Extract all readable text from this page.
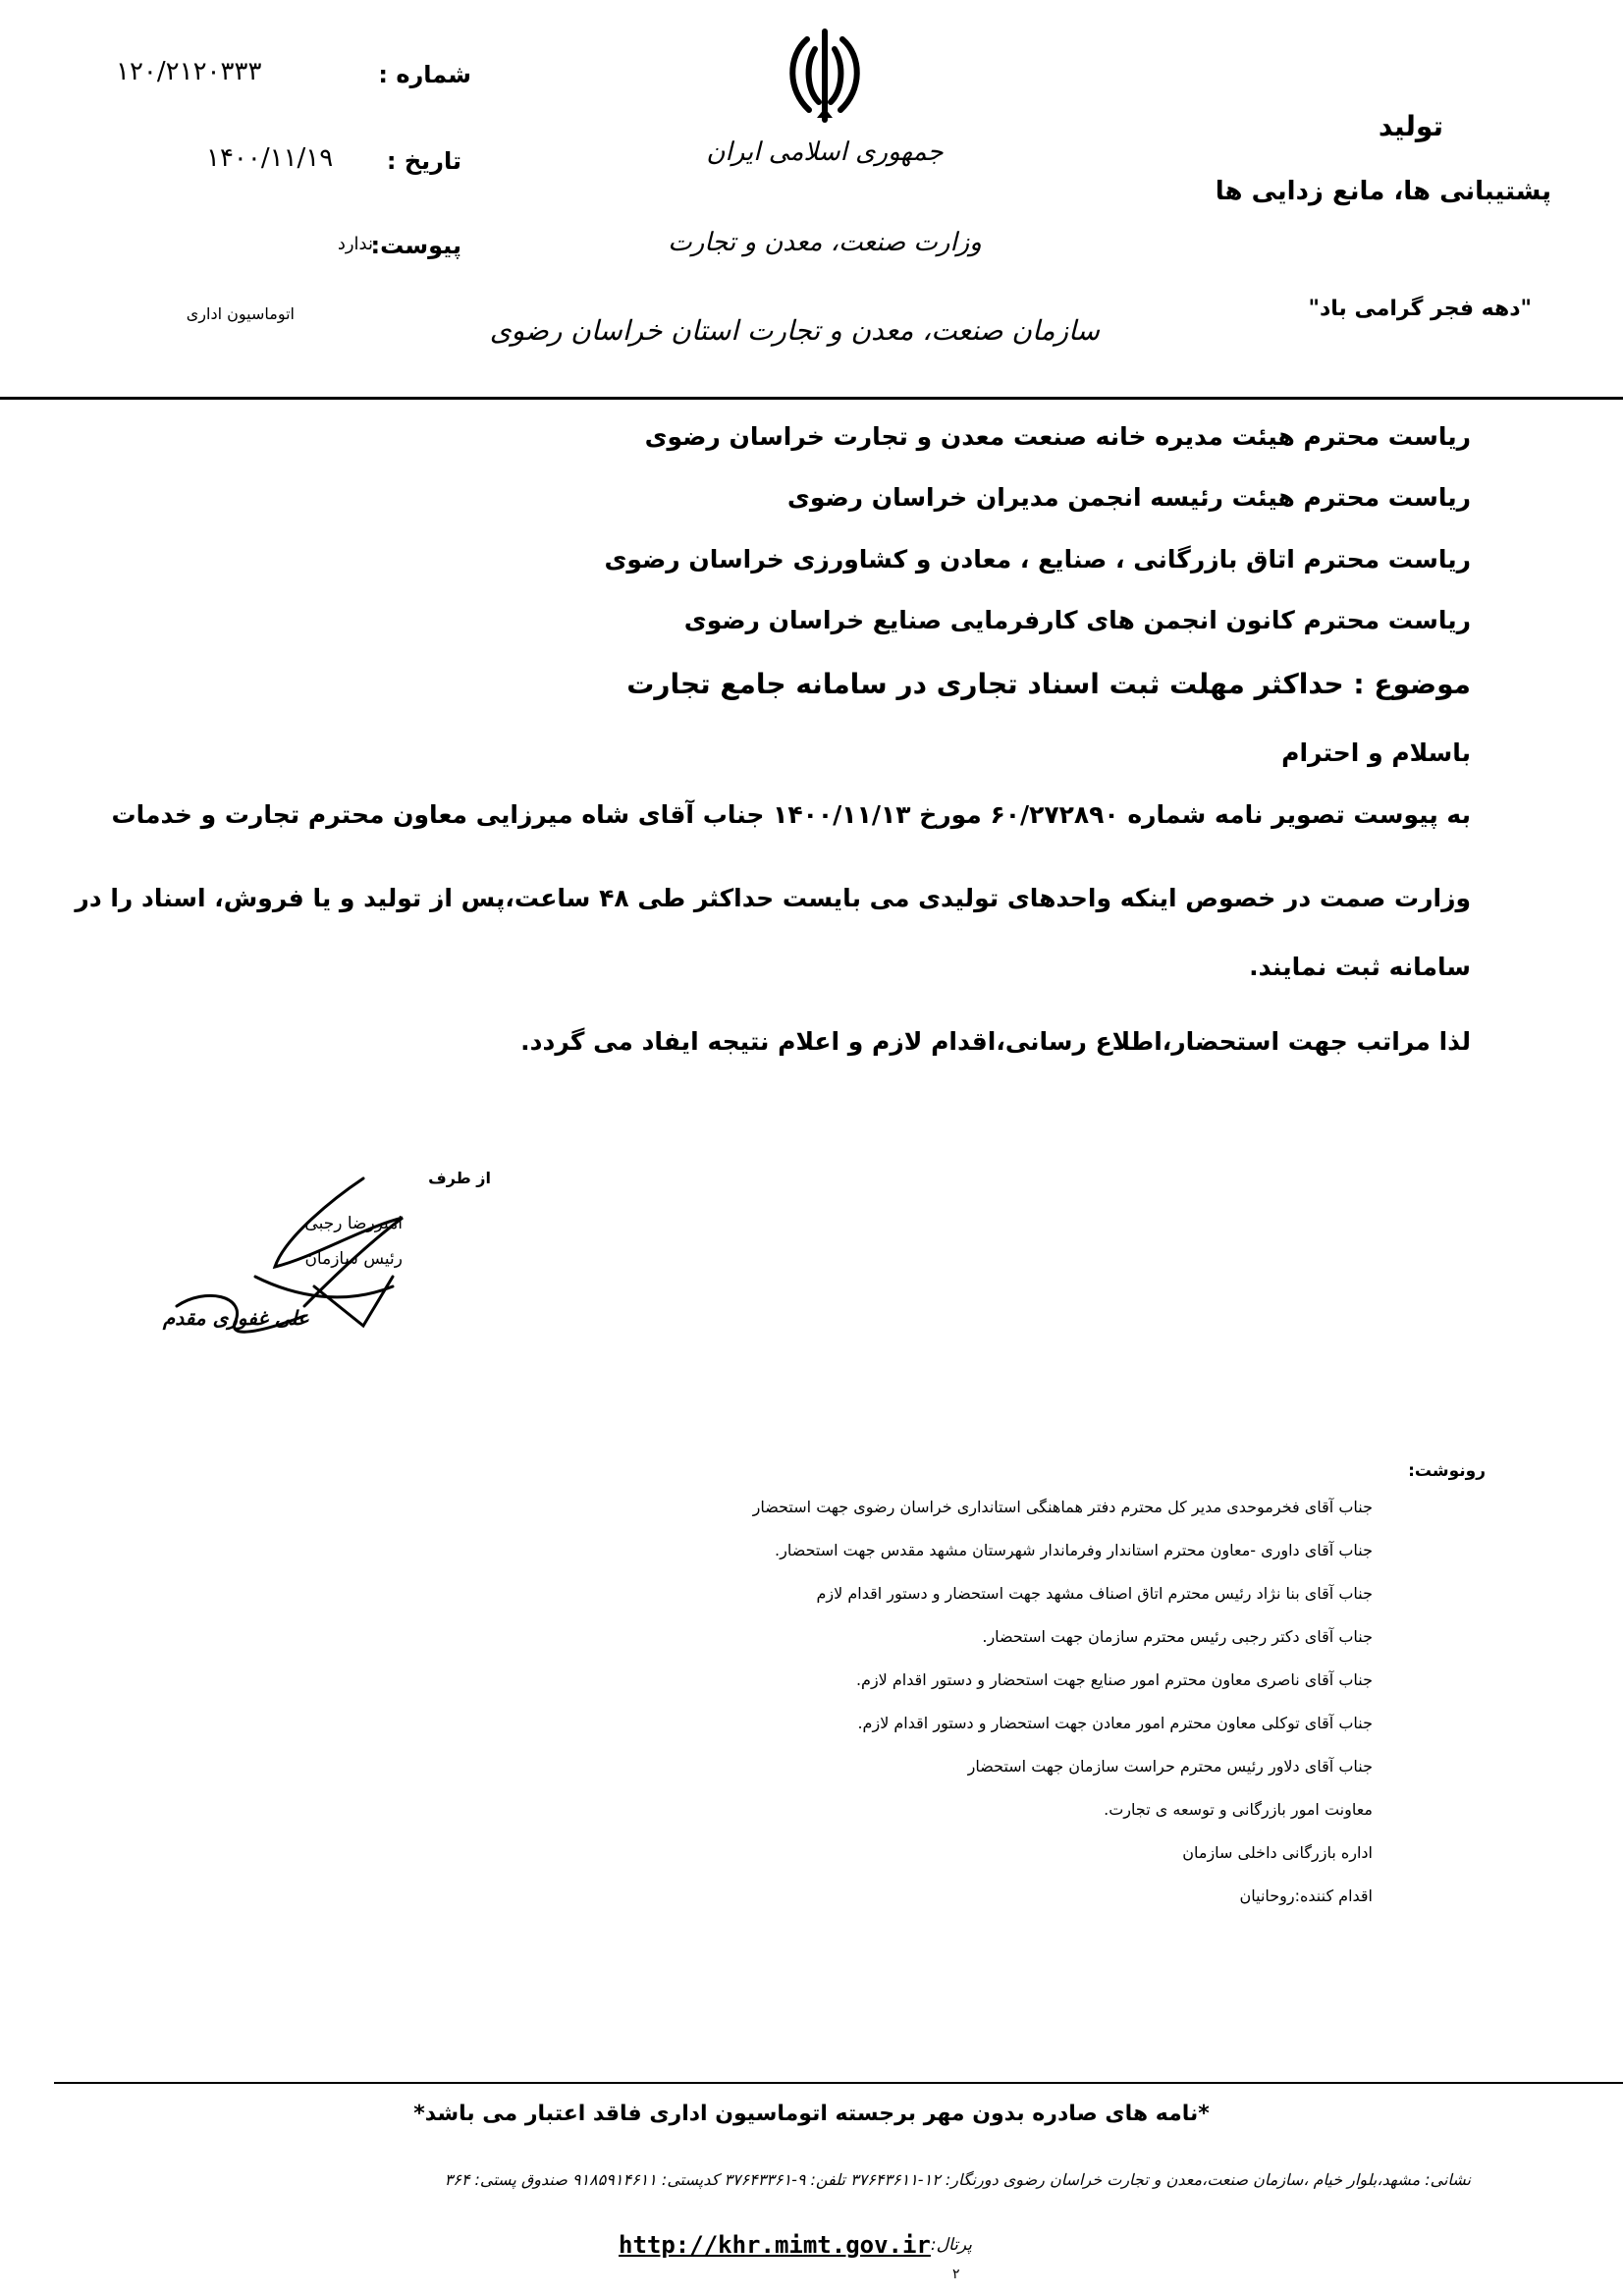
شماره :
۱۲۰/۲۱۲۰۳۳۳
تاریخ :
۱۴۰۰/۱۱/۱۹
پیوست:
ندارد
اتوماسیون اداری
جمهوری اسلامی ایران
وزارت صنعت، معدن و تجارت
سازمان صنعت، معدن و تجارت استان خراسان رضوی
تولید
پشتیبانی ها، مانع زدایی ها
"دهه فجر گرامی باد"
ریاست محترم هیئت مدیره خانه صنعت معدن و تجارت خراسان رضوی
ریاست محترم هیئت رئیسه انجمن مدیران خراسان رضوی
ریاست محترم اتاق بازرگانی ، صنایع ، معادن و کشاورزی خراسان رضوی
ریاست محترم کانون انجمن های کارفرمایی صنایع خراسان رضوی
موضوع : حداکثر مهلت ثبت اسناد تجاری در سامانه جامع تجارت
باسلام و احترام
به پیوست تصویر نامه شماره ۶۰/۲۷۲۸۹۰ مورخ ۱۴۰۰/۱۱/۱۳ جناب آقای شاه میرزایی معاون محترم تجارت و خدمات
وزارت صمت در خصوص اینکه واحدهای تولیدی می بایست حداکثر طی ۴۸ ساعت،پس از تولید و یا فروش، اسناد را در
سامانه ثبت نمایند.
لذا مراتب جهت استحضار،اطلاع رسانی،اقدام لازم و اعلام نتیجه ایفاد می گردد.
از طرف
امیررضا رجبی
رئیس سازمان
علی غفوری مقدم
رونوشت:
جناب آقای فخرموحدی مدیر کل محترم دفتر هماهنگی استانداری خراسان رضوی جهت استحضار
جناب آقای داوری -معاون محترم استاندار وفرماندار شهرستان مشهد مقدس جهت استحضار.
جناب آقای بنا نژاد رئیس محترم اتاق اصناف مشهد جهت استحضار و دستور اقدام لازم
جناب آقای دکتر رجبی رئیس محترم سازمان جهت استحضار.
جناب آقای ناصری معاون محترم امور صنایع جهت استحضار و دستور اقدام لازم.
جناب آقای توکلی معاون محترم امور معادن جهت استحضار و دستور اقدام لازم.
جناب آقای دلاور رئیس محترم حراست سازمان جهت استحضار
معاونت امور بازرگانی و توسعه ی تجارت.
اداره بازرگانی داخلی سازمان
اقدام کننده:روحانیان
*نامه های صادره بدون مهر برجسته اتوماسیون اداری فاقد اعتبار می باشد*
نشانی: مشهد،بلوار خیام ،سازمان صنعت،معدن و تجارت خراسان رضوی دورنگار: ۱۲-۳۷۶۴۳۶۱۱ تلفن: ۹-۳۷۶۴۳۳۶۱ کدپستی: ۹۱۸۵۹۱۴۶۱۱ صندوق پستی: ۳۶۴
پرتال:
http://khr.mimt.gov.ir
۲
